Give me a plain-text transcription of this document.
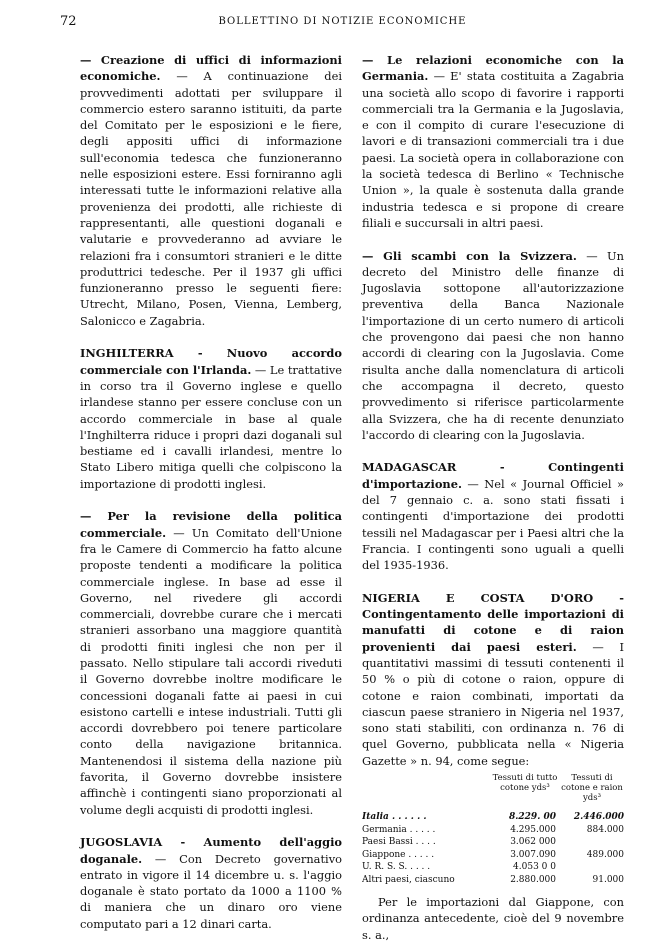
72	BOLLETTINO DI NOTIZIE ECONOMICHE

— Creazione di uffici di informazioni economiche. — A continuazione dei provvedimenti adottati per sviluppare il commercio estero saranno istituiti, da parte del Comitato per le esposizioni e le fiere, degli appositi uffici di informazione sull'economia tedesca che funzioneranno nelle esposizioni estere. Essi forniranno agli interessati tutte le informazioni relative alla provenienza dei prodotti, alle richieste di rappresentanti, alle questioni doganali e valutarie e provvederanno ad avviare le relazioni fra i consumtori stranieri e le ditte produttrici tedesche. Per il 1937 gli uffici funzioneranno presso le seguenti fiere: Utrecht, Milano, Posen, Vienna, Lemberg, Salonicco e Zagabria.

INGHILTERRA - Nuovo accordo commerciale con l'Irlanda. — Le trattative in corso tra il Governo inglese e quello irlandese stanno per essere concluse con un accordo commerciale in base al quale l'Inghilterra riduce i propri dazi doganali sul bestiame ed i cavalli irlandesi, mentre lo Stato Libero mitiga quelli che colpiscono la importazione di prodotti inglesi.

— Per la revisione della politica commerciale. — Un Comitato dell'Unione fra le Camere di Commercio ha fatto alcune proposte tendenti a modificare la politica commerciale inglese. In base ad esse il Governo, nel rivedere gli accordi commerciali, dovrebbe curare che i mercati stranieri assorbano una maggiore quantità di prodotti finiti inglesi che non per il passato. Nello stipulare tali accordi riveduti il Governo dovrebbe inoltre modificare le concessioni doganali fatte ai paesi in cui esistono cartelli e intese industriali. Tutti gli accordi dovrebbero poi tenere particolare conto della navigazione britannica. Mantenendosi il sistema della nazione più favorita, il Governo dovrebbe insistere affinchè i contingenti siano proporzionati al volume degli acquisti di prodotti inglesi.

JUGOSLAVIA - Aumento dell'aggio doganale. — Con Decreto governativo entrato in vigore il 14 dicembre u. s. l'aggio doganale è stato portato da 1000 a 1100 % di maniera che un dinaro oro viene computato pari a 12 dinari carta.

— Le relazioni economiche con la Germania. — E' stata costituita a Zagabria una società allo scopo di favorire i rapporti commerciali tra la Germania e la Jugoslavia, e con il compito di curare l'esecuzione di lavori e di transazioni commerciali tra i due paesi. La società opera in collaborazione con la società tedesca di Berlino « Technische Union », la quale è sostenuta dalla grande industria tedesca e si propone di creare filiali e succursali in altri paesi.

— Gli scambi con la Svizzera. — Un decreto del Ministro delle finanze di Jugoslavia sottopone all'autorizzazione preventiva della Banca Nazionale l'importazione di un certo numero di articoli che provengono dai paesi che non hanno accordi di clearing con la Jugoslavia. Come risulta anche dalla nomenclatura di articoli che accompagna il decreto, questo provvedimento si riferisce particolarmente alla Svizzera, che ha di recente denunziato l'accordo di clearing con la Jugoslavia.

MADAGASCAR - Contingenti d'importazione. — Nel « Journal Officiel » del 7 gennaio c. a. sono stati fissati i contingenti d'importazione dei prodotti tessili nel Madagascar per i Paesi altri che la Francia. I contingenti sono uguali a quelli del 1935-1936.

NIGERIA E COSTA D'ORO - Contingentamento delle importazioni di manufatti di cotone e di raion provenienti dai paesi esteri. — I quantitativi massimi di tessuti contenenti il 50 % o più di cotone o raion, oppure di cotone e raion combinati, importati da ciascun paese straniero in Nigeria nel 1937, sono stati stabiliti, con ordinanza n. 76 di quel Governo, pubblicata nella « Nigeria Gazette » n. 94, come segue:

Tessuti di tutto cotone yds³
Tessuti di cotone e raion yds³
Italia . . . . . .	8.229. 00	2.446.000
Germania . . . . .	4.295.000	884.000
Paesi Bassi . . . .	3.062 000
Giappone . . . . .	3.007.090	489.000
U. R. S. S. . . . .	4.053 0 0
Altri paesi, ciascuno	2.880.000	91.000

Per le importazioni dal Giappone, con ordinanza antecedente, cioè del 9 novembre s. a.,
